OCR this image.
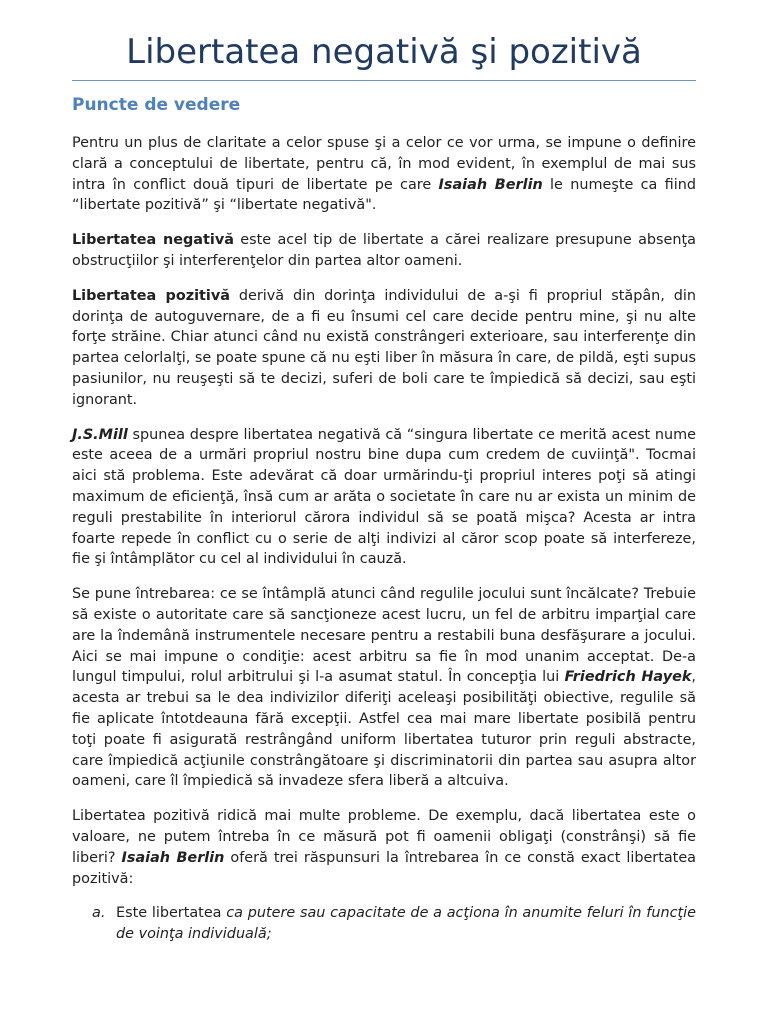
Libertatea negativă şi pozitivă
Puncte de vedere

Pentru un plus de claritate a celor spuse şi a celor ce vor urma, se impune o definire clară a conceptului de libertate, pentru că, în mod evident, în exemplul de mai sus intra în conflict două tipuri de libertate pe care Isaiah Berlin le numeşte ca fiind “libertate pozitivă” şi “libertate negativă".

Libertatea negativă este acel tip de libertate a cărei realizare presupune absenţa obstrucţiilor şi interferenţelor din partea altor oameni.

Libertatea pozitivă derivă din dorinţa individului de a-şi fi propriul stăpân, din dorinţa de autoguvernare, de a fi eu însumi cel care decide pentru mine, şi nu alte forţe străine. Chiar atunci când nu există constrângeri exterioare, sau interferenţe din partea celorlalţi, se poate spune că nu eşti liber în măsura în care, de pildă, eşti supus pasiunilor, nu reuşeşti să te decizi, suferi de boli care te împiedică să decizi, sau eşti ignorant.

J.S.Mill spunea despre libertatea negativă că “singura libertate ce merită acest nume este aceea de a urmări propriul nostru bine dupa cum credem de cuviinţă". Tocmai aici stă problema. Este adevărat că doar urmărindu-ţi propriul interes poţi să atingi maximum de eficienţă, însă cum ar arăta o societate în care nu ar exista un minim de reguli prestabilite în interiorul cărora individul să se poată mişca? Acesta ar intra foarte repede în conflict cu o serie de alţi indivizi al căror scop poate să interfereze, fie şi întâmplător cu cel al individului în cauză.

Se pune întrebarea: ce se întâmplă atunci când regulile jocului sunt încălcate? Trebuie să existe o autoritate care să sancţioneze acest lucru, un fel de arbitru imparţial care are la îndemână instrumentele necesare pentru a restabili buna desfăşurare a jocului. Aici se mai impune o condiţie: acest arbitru sa fie în mod unanim acceptat. De-a lungul timpului, rolul arbitrului şi l-a asumat statul. În concepţia lui Friedrich Hayek, acesta ar trebui sa le dea indivizilor diferiţi aceleaşi posibilităţi obiective, regulile să fie aplicate întotdeauna fără excepţii. Astfel cea mai mare libertate posibilă pentru toţi poate fi asigurată restrângând uniform libertatea tuturor prin reguli abstracte, care împiedică acţiunile constrângătoare şi discriminatorii din partea sau asupra altor oameni, care îl împiedică să invadeze sfera liberă a altcuiva.

Libertatea pozitivă ridică mai multe probleme. De exemplu, dacă libertatea este o valoare, ne putem întreba în ce măsură pot fi oamenii obligaţi (constrânşi) să fie liberi? Isaiah Berlin oferă trei răspunsuri la întrebarea în ce constă exact libertatea pozitivă:

a. Este libertatea ca putere sau capacitate de a acţiona în anumite feluri în funcţie de voinţa individuală;
